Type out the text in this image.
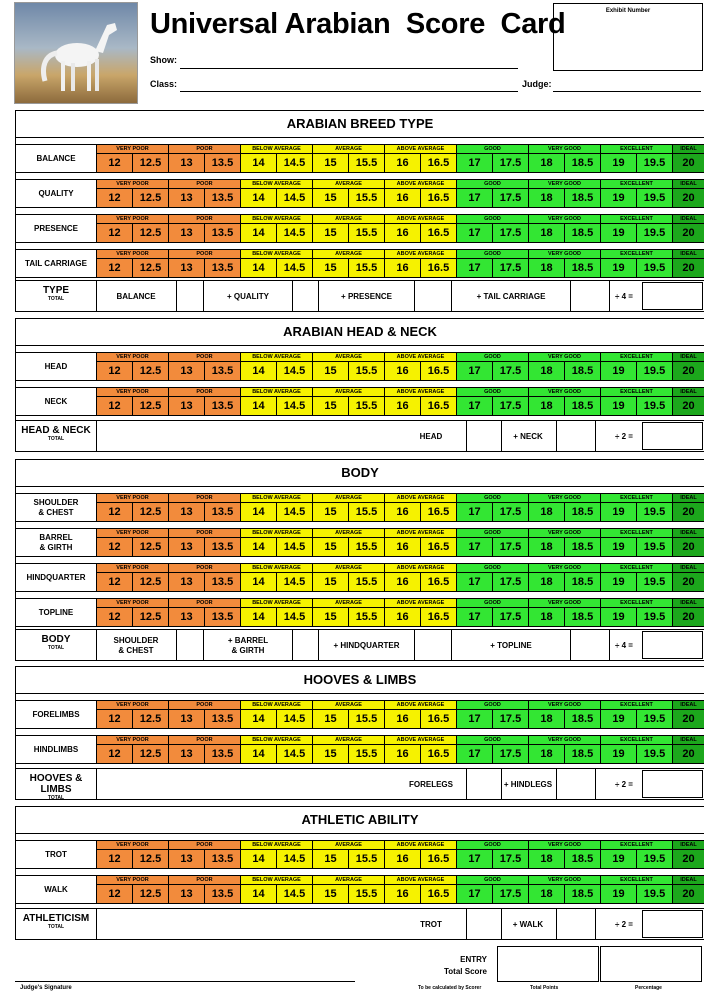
Universal Arabian  Score  Card
Show:
Class:	Judge:
Exhibit Number
ARABIAN BREED TYPE
BALANCE
VERY POOR	POOR	BELOW AVERAGE	AVERAGE	ABOVE AVERAGE	GOOD	VERY GOOD	EXCELLENT	IDEAL
12	12.5	13	13.5	14	14.5	15	15.5	16	16.5	17	17.5	18	18.5	19	19.5	20
QUALITY
VERY POOR	POOR	BELOW AVERAGE	AVERAGE	ABOVE AVERAGE	GOOD	VERY GOOD	EXCELLENT	IDEAL
12	12.5	13	13.5	14	14.5	15	15.5	16	16.5	17	17.5	18	18.5	19	19.5	20
PRESENCE
VERY POOR	POOR	BELOW AVERAGE	AVERAGE	ABOVE AVERAGE	GOOD	VERY GOOD	EXCELLENT	IDEAL
12	12.5	13	13.5	14	14.5	15	15.5	16	16.5	17	17.5	18	18.5	19	19.5	20
TAIL CARRIAGE
VERY POOR	POOR	BELOW AVERAGE	AVERAGE	ABOVE AVERAGE	GOOD	VERY GOOD	EXCELLENT	IDEAL
12	12.5	13	13.5	14	14.5	15	15.5	16	16.5	17	17.5	18	18.5	19	19.5	20
TYPE
TOTAL	BALANCE	+ QUALITY	+ PRESENCE	+ TAIL CARRIAGE	÷ 4 =
ARABIAN HEAD & NECK
HEAD
VERY POOR	POOR	BELOW AVERAGE	AVERAGE	ABOVE AVERAGE	GOOD	VERY GOOD	EXCELLENT	IDEAL
12	12.5	13	13.5	14	14.5	15	15.5	16	16.5	17	17.5	18	18.5	19	19.5	20
NECK
VERY POOR	POOR	BELOW AVERAGE	AVERAGE	ABOVE AVERAGE	GOOD	VERY GOOD	EXCELLENT	IDEAL
12	12.5	13	13.5	14	14.5	15	15.5	16	16.5	17	17.5	18	18.5	19	19.5	20
HEAD & NECK
TOTAL	HEAD	+ NECK	÷ 2 =
BODY
SHOULDER
& CHEST
VERY POOR	POOR	BELOW AVERAGE	AVERAGE	ABOVE AVERAGE	GOOD	VERY GOOD	EXCELLENT	IDEAL
12	12.5	13	13.5	14	14.5	15	15.5	16	16.5	17	17.5	18	18.5	19	19.5	20
BARREL
& GIRTH
VERY POOR	POOR	BELOW AVERAGE	AVERAGE	ABOVE AVERAGE	GOOD	VERY GOOD	EXCELLENT	IDEAL
12	12.5	13	13.5	14	14.5	15	15.5	16	16.5	17	17.5	18	18.5	19	19.5	20
HINDQUARTER
VERY POOR	POOR	BELOW AVERAGE	AVERAGE	ABOVE AVERAGE	GOOD	VERY GOOD	EXCELLENT	IDEAL
12	12.5	13	13.5	14	14.5	15	15.5	16	16.5	17	17.5	18	18.5	19	19.5	20
TOPLINE
VERY POOR	POOR	BELOW AVERAGE	AVERAGE	ABOVE AVERAGE	GOOD	VERY GOOD	EXCELLENT	IDEAL
12	12.5	13	13.5	14	14.5	15	15.5	16	16.5	17	17.5	18	18.5	19	19.5	20
BODY
TOTAL
SHOULDER
& CHEST
+ BARREL
& GIRTH
+ HINDQUARTER	+ TOPLINE	÷ 4 =
HOOVES & LIMBS
FORELIMBS
VERY POOR	POOR	BELOW AVERAGE	AVERAGE	ABOVE AVERAGE	GOOD	VERY GOOD	EXCELLENT	IDEAL
12	12.5	13	13.5	14	14.5	15	15.5	16	16.5	17	17.5	18	18.5	19	19.5	20
HINDLIMBS
VERY POOR	POOR	BELOW AVERAGE	AVERAGE	ABOVE AVERAGE	GOOD	VERY GOOD	EXCELLENT	IDEAL
12	12.5	13	13.5	14	14.5	15	15.5	16	16.5	17	17.5	18	18.5	19	19.5	20
HOOVES & LIMBS
TOTAL
FORELEGS	+ HINDLEGS	÷ 2 =
ATHLETIC ABILITY
TROT
VERY POOR	POOR	BELOW AVERAGE	AVERAGE	ABOVE AVERAGE	GOOD	VERY GOOD	EXCELLENT	IDEAL
12	12.5	13	13.5	14	14.5	15	15.5	16	16.5	17	17.5	18	18.5	19	19.5	20
WALK
VERY POOR	POOR	BELOW AVERAGE	AVERAGE	ABOVE AVERAGE	GOOD	VERY GOOD	EXCELLENT	IDEAL
12	12.5	13	13.5	14	14.5	15	15.5	16	16.5	17	17.5	18	18.5	19	19.5	20
ATHLETICISM
TOTAL	TROT	+ WALK	÷ 2 =
ENTRY
Total Score
Judge's Signature	To be calculated by Scorer	Total Points	Percentage
